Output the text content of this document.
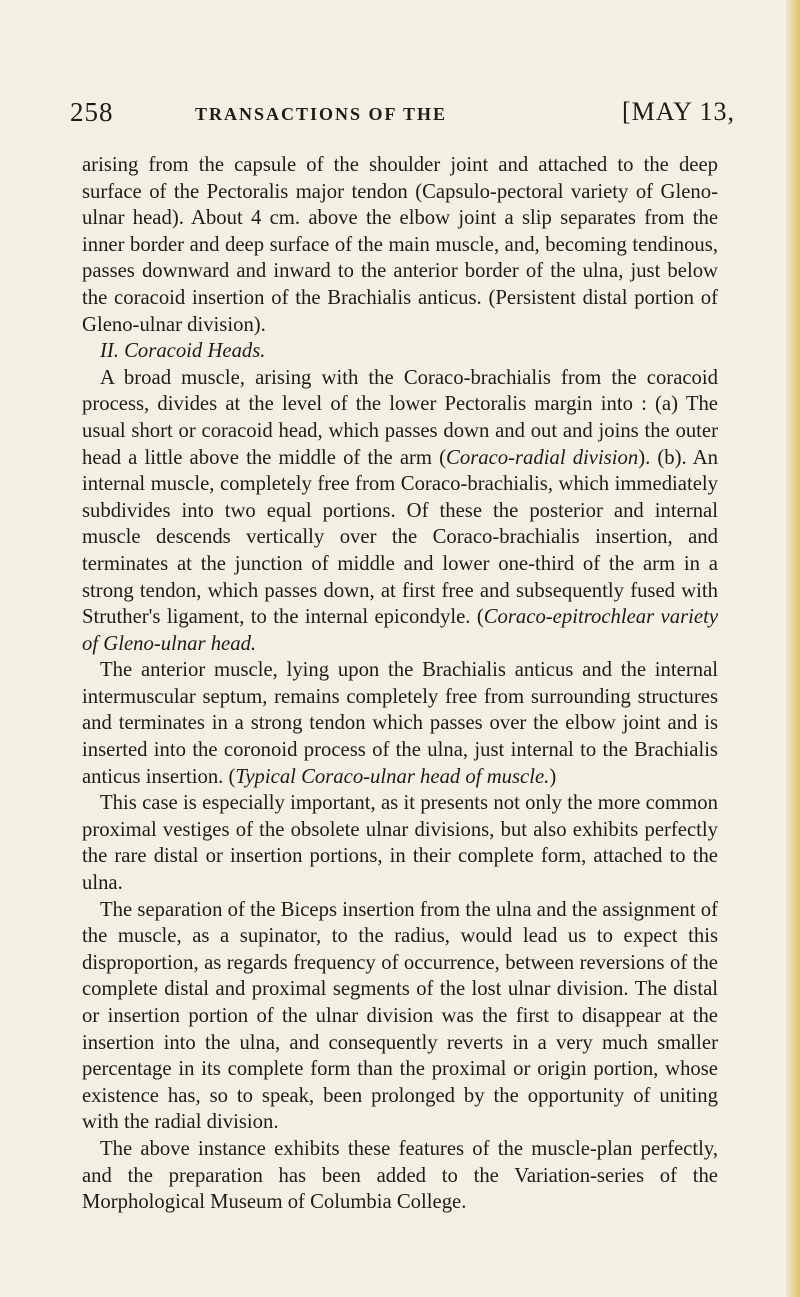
258	TRANSACTIONS OF THE	[MAY 13,

arising from the capsule of the shoulder joint and attached to the deep surface of the Pectoralis major tendon (Capsulo-pectoral variety of Gleno-ulnar head). About 4 cm. above the elbow joint a slip separates from the inner border and deep surface of the main muscle, and, becoming tendinous, passes downward and inward to the anterior border of the ulna, just below the coracoid insertion of the Brachialis anticus. (Persistent distal portion of Gleno-ulnar division).

II. Coracoid Heads.

A broad muscle, arising with the Coraco-brachialis from the coracoid process, divides at the level of the lower Pectoralis margin into : (a) The usual short or coracoid head, which passes down and out and joins the outer head a little above the middle of the arm (Coraco-radial division). (b). An internal muscle, completely free from Coraco-brachialis, which immediately subdivides into two equal portions. Of these the posterior and internal muscle descends vertically over the Coraco-brachialis insertion, and terminates at the junction of middle and lower one-third of the arm in a strong tendon, which passes down, at first free and subsequently fused with Struther's ligament, to the internal epicondyle. (Coraco-epitrochlear variety of Gleno-ulnar head.

The anterior muscle, lying upon the Brachialis anticus and the internal intermuscular septum, remains completely free from surrounding structures and terminates in a strong tendon which passes over the elbow joint and is inserted into the coronoid process of the ulna, just internal to the Brachialis anticus insertion. (Typical Coraco-ulnar head of muscle.)

This case is especially important, as it presents not only the more common proximal vestiges of the obsolete ulnar divisions, but also exhibits perfectly the rare distal or insertion portions, in their complete form, attached to the ulna.

The separation of the Biceps insertion from the ulna and the assignment of the muscle, as a supinator, to the radius, would lead us to expect this disproportion, as regards frequency of occurrence, between reversions of the complete distal and proximal segments of the lost ulnar division. The distal or insertion portion of the ulnar division was the first to disappear at the insertion into the ulna, and consequently reverts in a very much smaller percentage in its complete form than the proximal or origin portion, whose existence has, so to speak, been prolonged by the opportunity of uniting with the radial division.

The above instance exhibits these features of the muscle-plan perfectly, and the preparation has been added to the Variation-series of the Morphological Museum of Columbia College.
